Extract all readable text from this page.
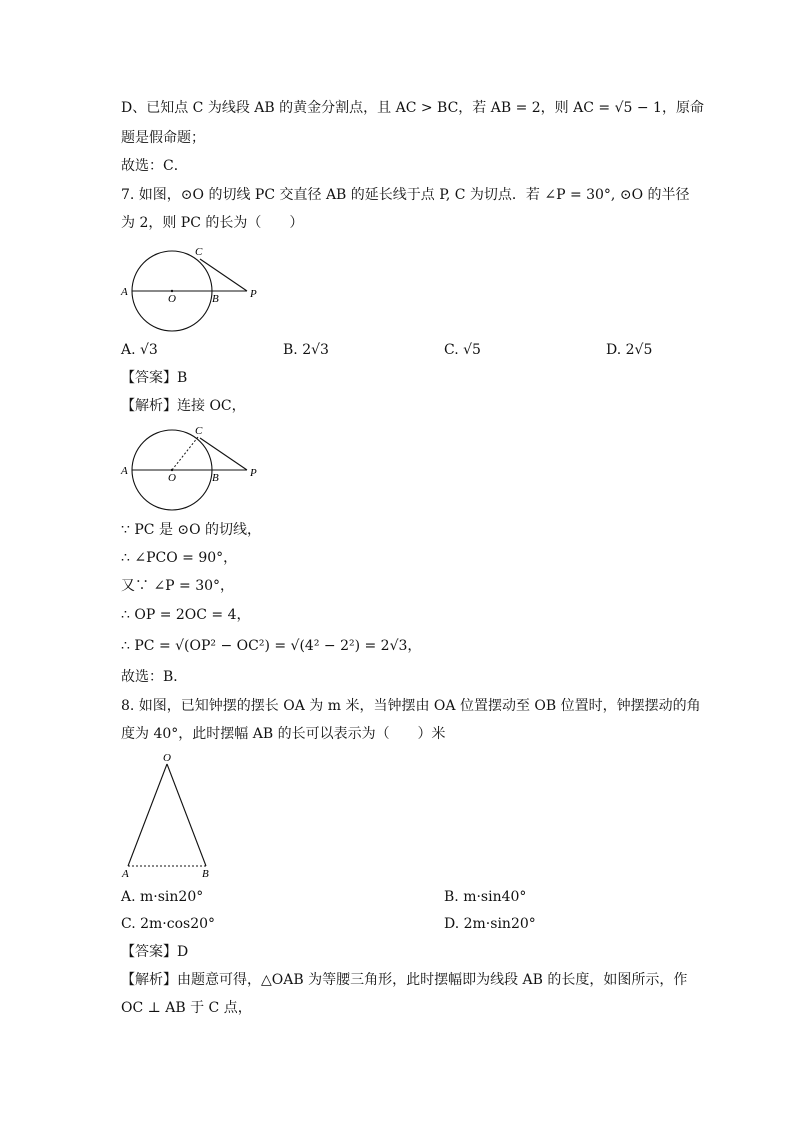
D、已知点 C 为线段 AB 的黄金分割点，且 AC > BC，若 AB = 2，则 AC = √5 − 1，原命
题是假命题；
故选：C．
7. 如图，⊙O 的切线 PC 交直径 AB 的延长线于点 P, C 为切点．若 ∠P = 30°, ⊙O 的半径
为 2，则 PC 的长为（　　）
A
O	B
C
P
A. √3	B. 2√3	C. √5	D. 2√5
【答案】B
【解析】连接 OC，
A
O	B
C
P
∵ PC 是 ⊙O 的切线，
∴ ∠PCO = 90°，
又∵ ∠P = 30°，
∴ OP = 2OC = 4，
∴ PC = √(OP² − OC²) = √(4² − 2²) = 2√3，
故选：B．
8. 如图，已知钟摆的摆长 OA 为 m 米，当钟摆由 OA 位置摆动至 OB 位置时，钟摆摆动的角
度为 40°，此时摆幅 AB 的长可以表示为（　　）米
O
A	B
A. m·sin20°	B. m·sin40°
C. 2m·cos20°	D. 2m·sin20°
【答案】D
【解析】由题意可得，△OAB 为等腰三角形，此时摆幅即为线段 AB 的长度，如图所示，作
OC ⊥ AB 于 C 点，
